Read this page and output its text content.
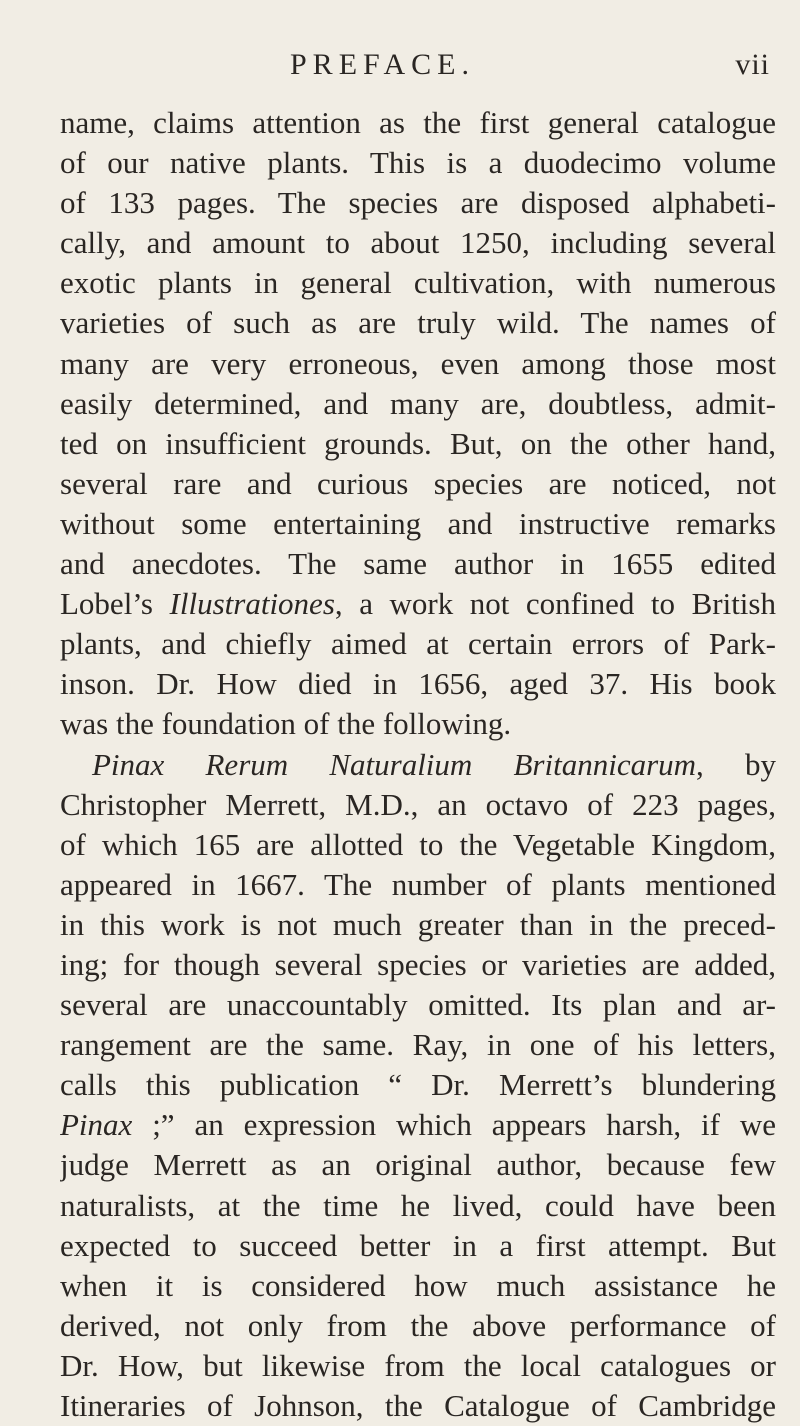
PREFACE.	vii
name, claims attention as the first general catalogue
of our native plants. This is a duodecimo volume
of 133 pages. The species are disposed alphabeti-
cally, and amount to about 1250, including several
exotic plants in general cultivation, with numerous
varieties of such as are truly wild. The names of
many are very erroneous, even among those most
easily determined, and many are, doubtless, admit-
ted on insufficient grounds. But, on the other hand,
several rare and curious species are noticed, not
without some entertaining and instructive remarks
and anecdotes. The same author in 1655 edited
Lobel’s Illustrationes, a work not confined to British
plants, and chiefly aimed at certain errors of Park-
inson. Dr. How died in 1656, aged 37. His book
was the foundation of the following.
Pinax Rerum Naturalium Britannicarum, by
Christopher Merrett, M.D., an octavo of 223 pages,
of which 165 are allotted to the Vegetable Kingdom,
appeared in 1667. The number of plants mentioned
in this work is not much greater than in the preced-
ing; for though several species or varieties are added,
several are unaccountably omitted. Its plan and ar-
rangement are the same. Ray, in one of his letters,
calls this publication “ Dr. Merrett’s blundering
Pinax ;” an expression which appears harsh, if we
judge Merrett as an original author, because few
naturalists, at the time he lived, could have been
expected to succeed better in a first attempt. But
when it is considered how much assistance he
derived, not only from the above performance of
Dr. How, but likewise from the local catalogues or
Itineraries of Johnson, the Catalogue of Cambridge
